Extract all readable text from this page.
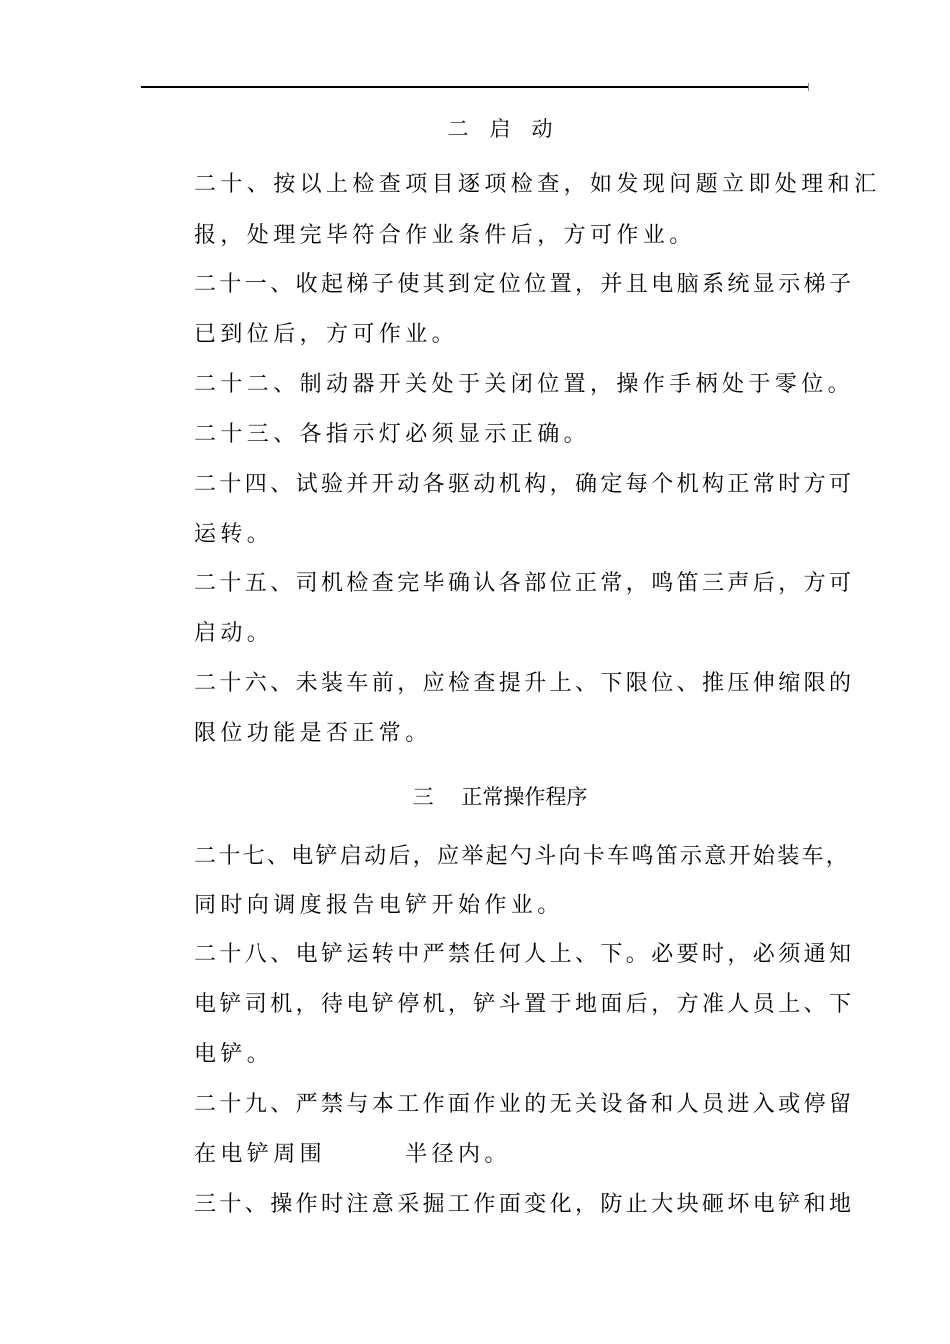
二　启　动
二十、按以上检查项目逐项检查，如发现问题立即处理和汇
报，处理完毕符合作业条件后，方可作业。
二十一、收起梯子使其到定位位置，并且电脑系统显示梯子
已到位后，方可作业。
二十二、制动器开关处于关闭位置，操作手柄处于零位。
二十三、各指示灯必须显示正确。
二十四、试验并开动各驱动机构，确定每个机构正常时方可
运转。
二十五、司机检查完毕确认各部位正常，鸣笛三声后，方可
启动。
二十六、未装车前，应检查提升上、下限位、推压伸缩限的
限位功能是否正常。
三　 正常操作程序
二十七、电铲启动后，应举起勺斗向卡车鸣笛示意开始装车，
同时向调度报告电铲开始作业。
二十八、电铲运转中严禁任何人上、下。必要时，必须通知
电铲司机，待电铲停机，铲斗置于地面后，方准人员上、下
电铲。
二十九、严禁与本工作面作业的无关设备和人员进入或停留
在电铲周围　　　半径内。
三十、操作时注意采掘工作面变化，防止大块砸坏电铲和地
